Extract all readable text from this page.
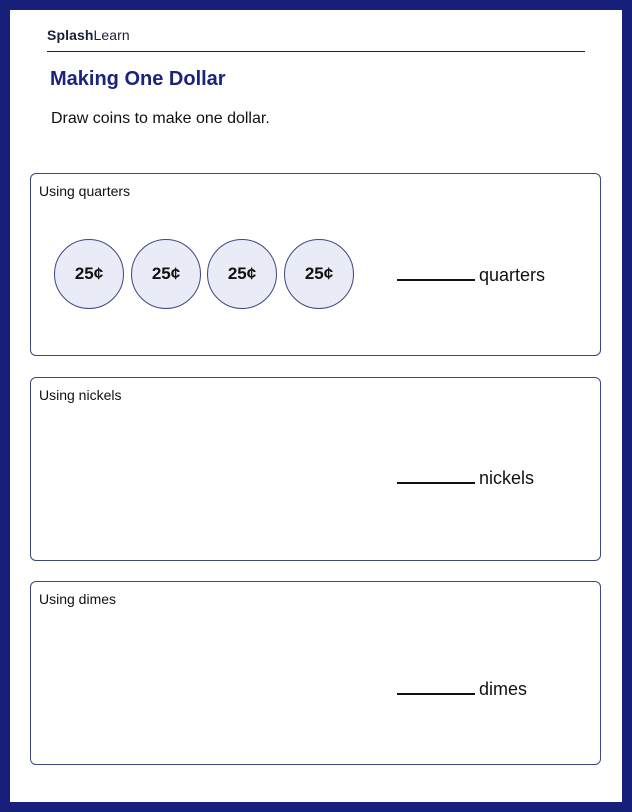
SplashLearn
Making One Dollar
Draw coins to make one dollar.
Using quarters
25¢	25¢	25¢	25¢	quarters
Using nickels
nickels
Using dimes
dimes
